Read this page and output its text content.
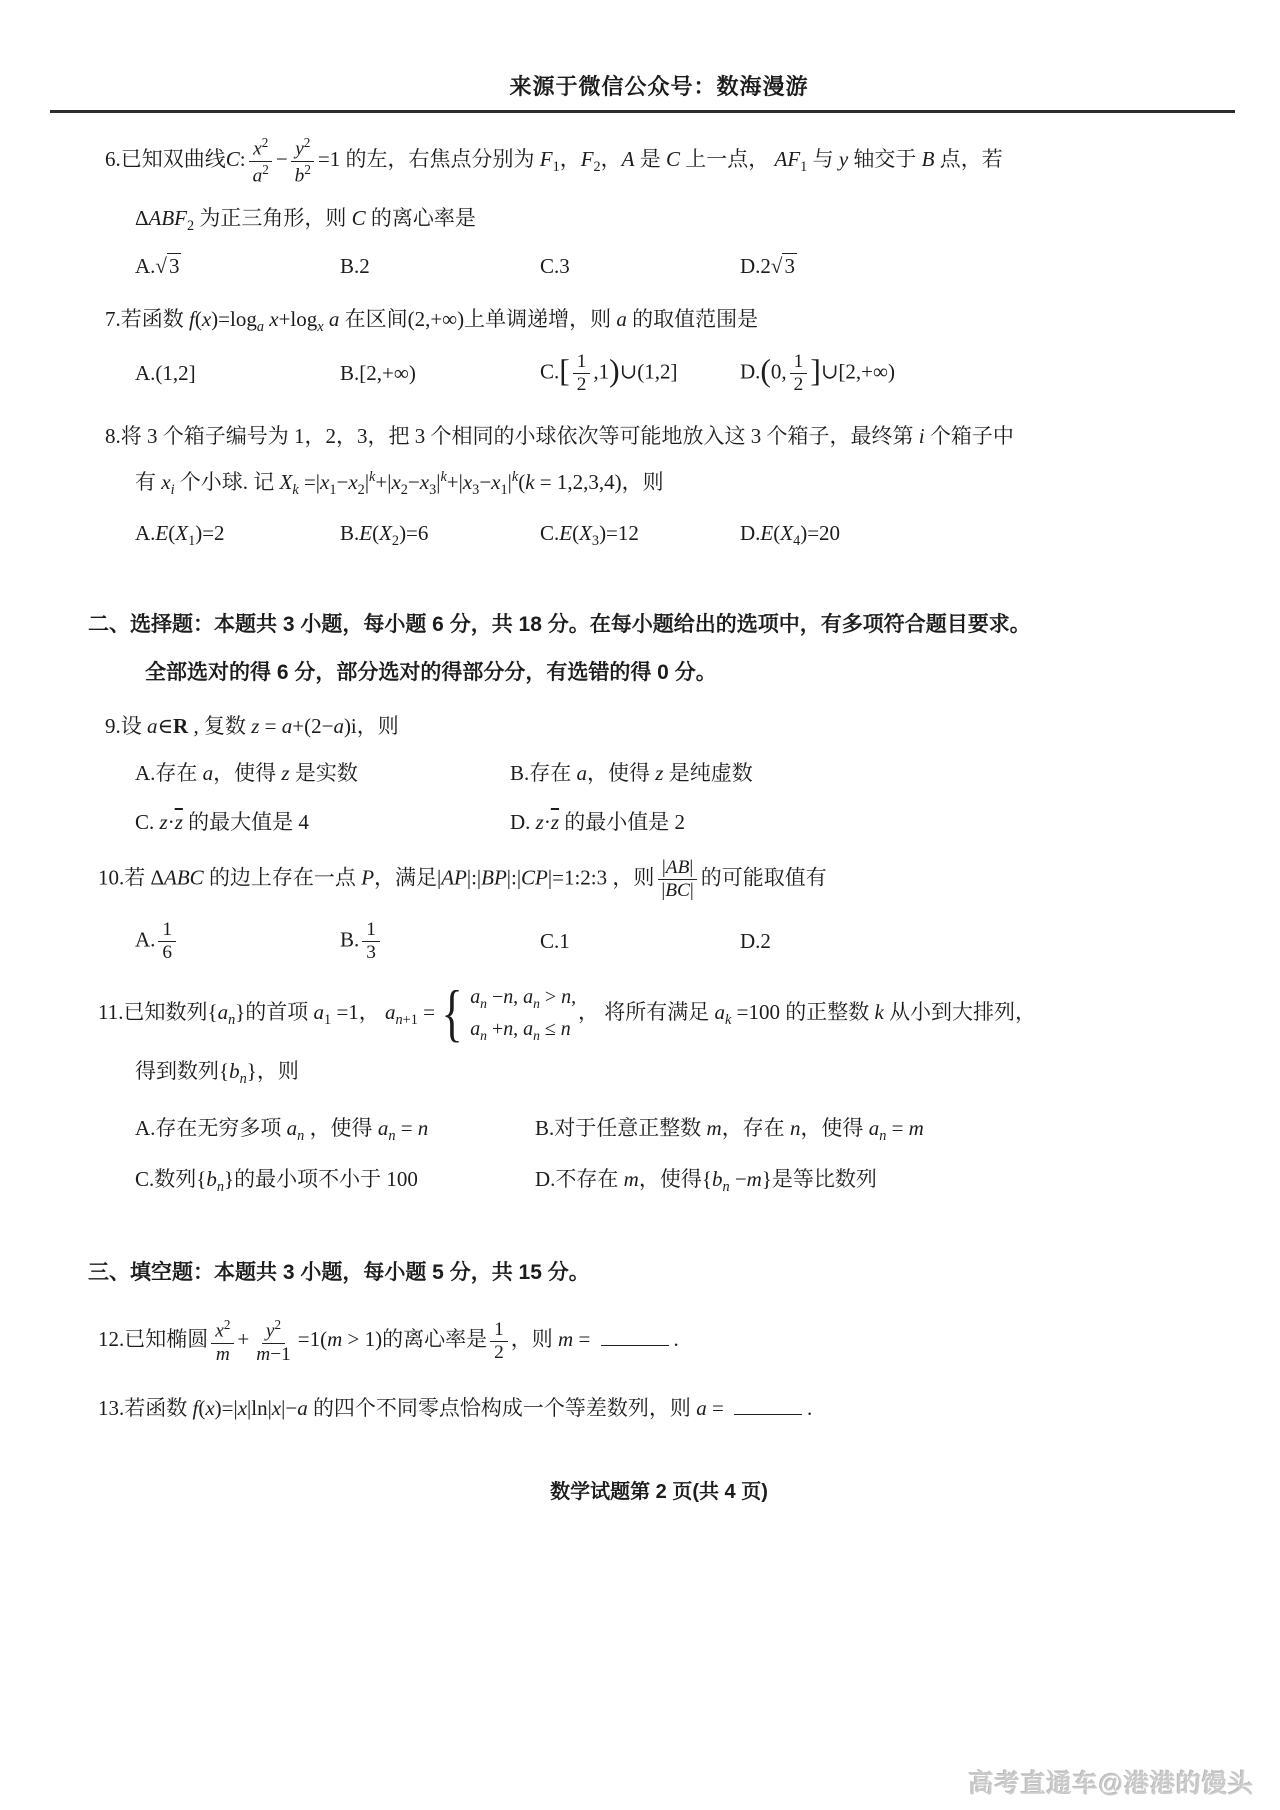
来源于微信公众号：数海漫游
6.已知双曲线C: $\frac{x^2}{a^2} - \frac{y^2}{b^2} =1$ 的左，右焦点分别为 $F_1$，$F_2$，A 是 C 上一点， $AF_1$ 与 y 轴交于 B 点，若
$\Delta ABF_2$ 为正三角形，则 C 的离心率是
A.√3	B.2	C.3	D.2√3
7.若函数 $f(x)=\log_a$ $x+\log_x$ a 在区间(2,+∞)上单调递增，则 a 的取值范围是
A.(1,2]	B.[2,+∞)	$C.[ \frac{1}{2}$ ,1)∪(1,2]	D.(0, $\frac{1}{2}$ ]∪[2,+∞)
8.将 3 个箱子编号为 1，2，3，把 3 个相同的小球依次等可能地放入这 3 个箱子，最终第 i 个箱子中
有 $x_i$ 个小球. 记 $X_k =|x_1-x_2|^k+|x_2-x_3|^k+|x_3-x_1|^k(k = 1,2,3,4)$，则
$A.E(X_1)=2$	$B.E(X_2)=6$	$C.E(X_3)=12$	$D.E(X_4)=20$
二、选择题：本题共 3 小题，每小题 6 分，共 18 分。在每小题给出的选项中，有多项符合题目要求。
全部选对的得 6 分，部分选对的得部分分，有选错的得 0 分。
9.设 a∈R , 复数 z = a+(2−a)i，则
A.存在 a，使得 z 是实数	B.存在 a，使得 z 是纯虚数
C. $z\cdot\overline{z}$ 的最大值是 4	D. $z\cdot\overline{z}$ 的最小值是 2
10.若 ΔABC 的边上存在一点 P，满足|AP|:|BP|:|CP|=1:2:3 ，则 $\frac{|AB|}{|BC|}$ 的可能取值有
A. $\frac{1}{6}$	B. $\frac{1}{3}$	C.1	D.2
11.已知数列$\{a_n\}$的首项 $a_1 =1$， $a_{n+1}$ = { $a_n -n$, $a_n > n$,
$a_n +n$, $a_n \le n$
， 将所有满足 $a_k =100$ 的正整数 k 从小到大排列，
得到数列$\{b_n\}$，则
A.存在无穷多项 $a_n$ ，使得 $a_n = n$	B.对于任意正整数 m，存在 n，使得 $a_n = m$
C.数列$\{b_n\}$的最小项不小于 100	D.不存在 m，使得$\{b_n -m\}$是等比数列
三、填空题：本题共 3 小题，每小题 5 分，共 15 分。
12.已知椭圆 $\frac{x^2}{m} + \frac{y^2}{m-1} =1(m > 1)$的离心率是 $\frac{1}{2}$ ，则 m =	.
13.若函数 f(x)=|x|ln|x|−a 的四个不同零点恰构成一个等差数列，则 a =	.
数学试题第 2 页(共 4 页)
高考直通车@港港的馒头
